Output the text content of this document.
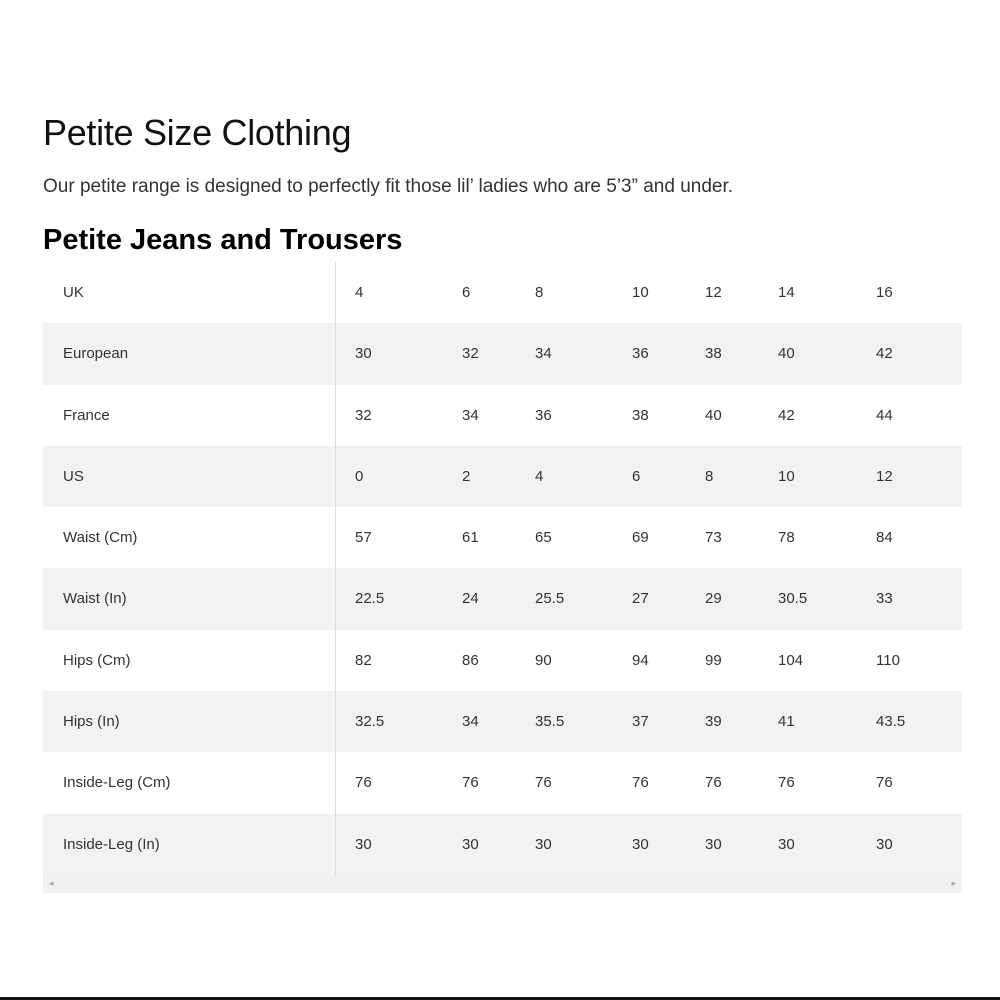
Petite Size Clothing

Our petite range is designed to perfectly fit those lil’ ladies who are 5’3” and under.

Petite Jeans and Trousers
UK	4	6	8	10	12	14	16
European	30	32	34	36	38	40	42
France	32	34	36	38	40	42	44
US	0	2	4	6	8	10	12
Waist (Cm)	57	61	65	69	73	78	84
Waist (In)	22.5	24	25.5	27	29	30.5	33
Hips (Cm)	82	86	90	94	99	104	110
Hips (In)	32.5	34	35.5	37	39	41	43.5
Inside-Leg (Cm)	76	76	76	76	76	76	76
Inside-Leg (In)	30	30	30	30	30	30	30
◂	▸
